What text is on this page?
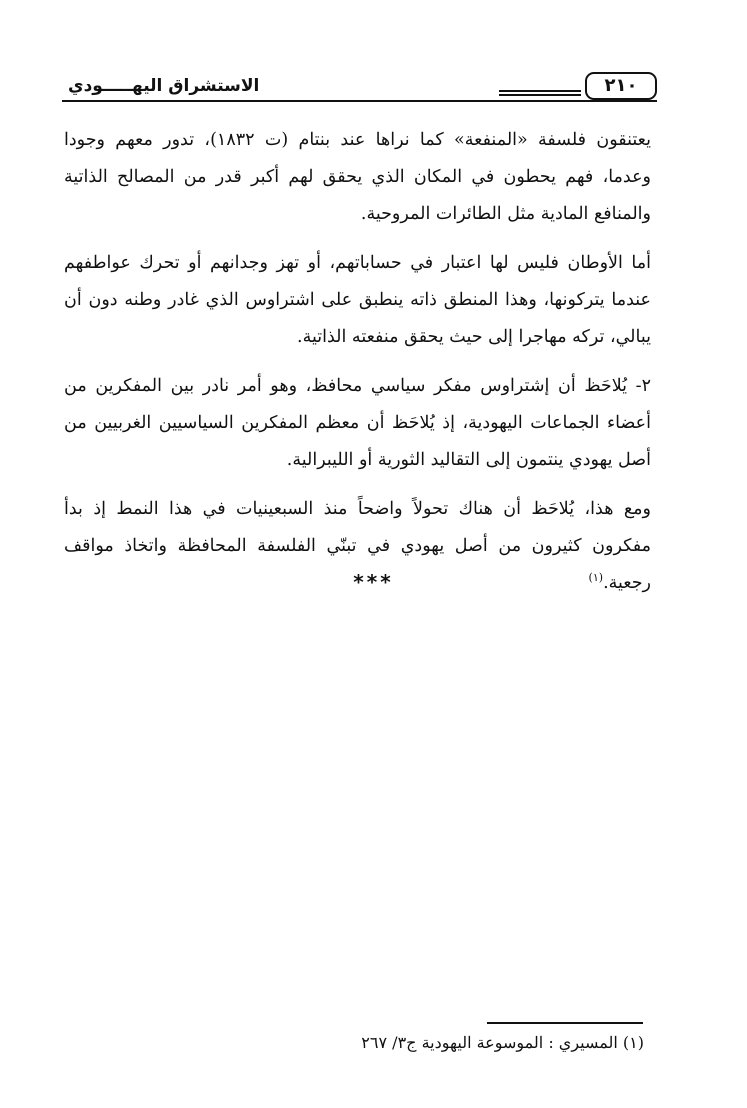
الاستشراق اليهـــــودي	٢١٠

يعتنقون فلسفة «المنفعة» كما نراها عند بنتام (ت ١٨٣٢)، تدور معهم وجودا وعدما، فهم يحطون في المكان الذي يحقق لهم أكبر قدر من المصالح الذاتية والمنافع المادية مثل الطائرات المروحية.

أما الأوطان فليس لها اعتبار في حساباتهم، أو تهز وجدانهم أو تحرك عواطفهم عندما يتركونها، وهذا المنطق ذاته ينطبق على اشتراوس الذي غادر وطنه دون أن يبالي، تركه مهاجرا إلى حيث يحقق منفعته الذاتية.

٢- يُلاحَظ أن إشتراوس مفكر سياسي محافظ، وهو أمر نادر بين المفكرين من أعضاء الجماعات اليهودية، إذ يُلاحَظ أن معظم المفكرين السياسيين الغربيين من أصل يهودي ينتمون إلى التقاليد الثورية أو الليبرالية.

ومع هذا، يُلاحَظ أن هناك تحولاً واضحاً منذ السبعينيات في هذا النمط إذ بدأ مفكرون كثيرون من أصل يهودي في تبنّي الفلسفة المحافظة واتخاذ مواقف رجعية.$^{(١)}$

***
(١) المسيري : الموسوعة اليهودية ج٣/ ٢٦٧
